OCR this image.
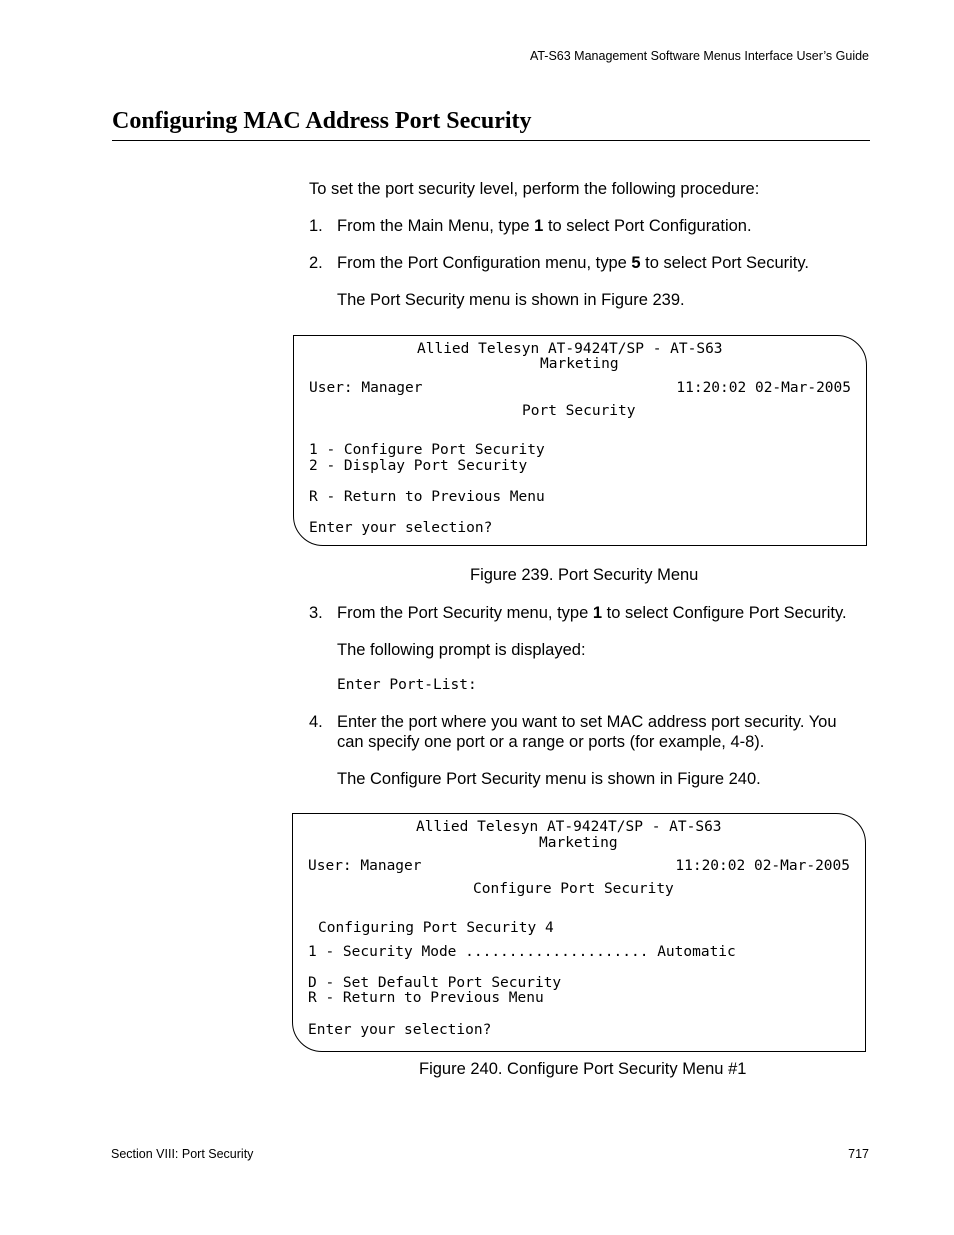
AT-S63 Management Software Menus Interface User’s Guide
Configuring MAC Address Port Security
To set the port security level, perform the following procedure:
1. From the Main Menu, type 1 to select Port Configuration.
2. From the Port Configuration menu, type 5 to select Port Security.
The Port Security menu is shown in Figure 239.
Allied Telesyn AT-9424T/SP - AT-S63
Marketing
User: Manager	11:20:02 02-Mar-2005
Port Security
1 - Configure Port Security
2 - Display Port Security
R - Return to Previous Menu
Enter your selection?
Figure 239. Port Security Menu
3. From the Port Security menu, type 1 to select Configure Port Security.
The following prompt is displayed:
Enter Port-List:
4. Enter the port where you want to set MAC address port security. You
can specify one port or a range or ports (for example, 4-8).
The Configure Port Security menu is shown in Figure 240.
Allied Telesyn AT-9424T/SP - AT-S63
Marketing
User: Manager	11:20:02 02-Mar-2005
Configure Port Security
Configuring Port Security 4
1 - Security Mode ..................... Automatic
D - Set Default Port Security
R - Return to Previous Menu
Enter your selection?
Figure 240. Configure Port Security Menu #1
Section VIII: Port Security	717
